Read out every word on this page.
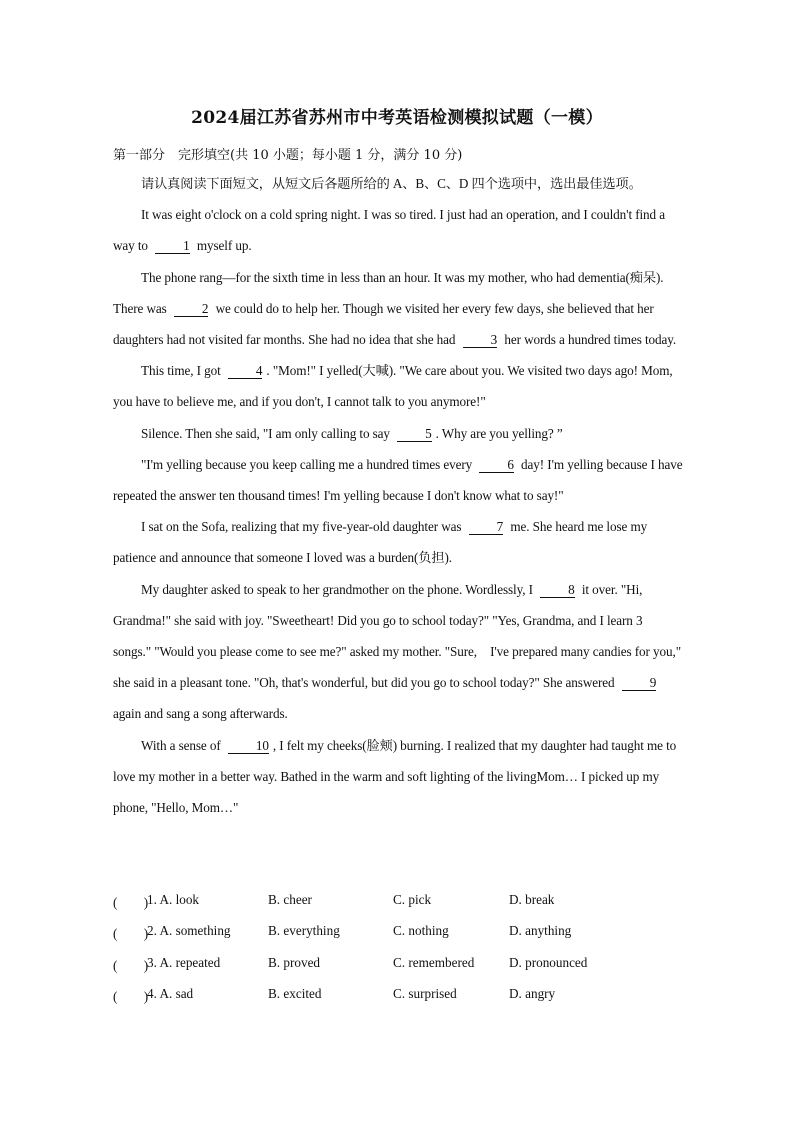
2024届江苏省苏州市中考英语检测模拟试题（一模）
第一部分　完形填空(共 10 小题；每小题 1 分，满分 10 分)

请认真阅读下面短文，从短文后各题所给的 A、B、C、D 四个选项中，选出最佳选项。

It was eight o'clock on a cold spring night. I was so tired. I just had an operation, and I couldn't find a way to	1 myself up.

The phone rang—for the sixth time in less than an hour. It was my mother, who had dementia(痴呆). There was	2 we could do to help her. Though we visited her every few days, she believed that her daughters had not visited far months. She had no idea that she had	3 her words a hundred times today.

This time, I got	4 . "Mom!" I yelled(大喊). "We care about you. We visited two days ago! Mom, you have to believe me, and if you don't, I cannot talk to you anymore!"

Silence. Then she said, "I am only calling to say	5 . Why are you yelling? ”

"I'm yelling because you keep calling me a hundred times every	6 day! I'm yelling because I have repeated the answer ten thousand times! I'm yelling because I don't know what to say!"

I sat on the Sofa, realizing that my five-year-old daughter was	7 me. She heard me lose my patience and announce that someone I loved was a burden(负担).

My daughter asked to speak to her grandmother on the phone. Wordlessly, I	8 it over. "Hi, Grandma!" she said with joy. "Sweetheart! Did you go to school today?" "Yes, Grandma, and I learn 3 songs." "Would you please come to see me?" asked my mother. "Sure,　I've prepared many candies for you," she said in a pleasant tone. "Oh, that's wonderful, but did you go to school today?" She answered	9 again and sang a song afterwards.

With a sense of	10 , I felt my cheeks(脸颊) burning. I realized that my daughter had taught me to love my mother in a better way. Bathed in the warm and soft lighting of the livingMom… I picked up my phone, "Hello, Mom…"

(　　)
1. A. look	B. cheer	C. pick	D. break
(　　)
2. A. something	B. everything	C. nothing	D. anything
(　　)
3. A. repeated	B. proved	C. remembered	D. pronounced
(　　)
4. A. sad	B. excited	C. surprised	D. angry
